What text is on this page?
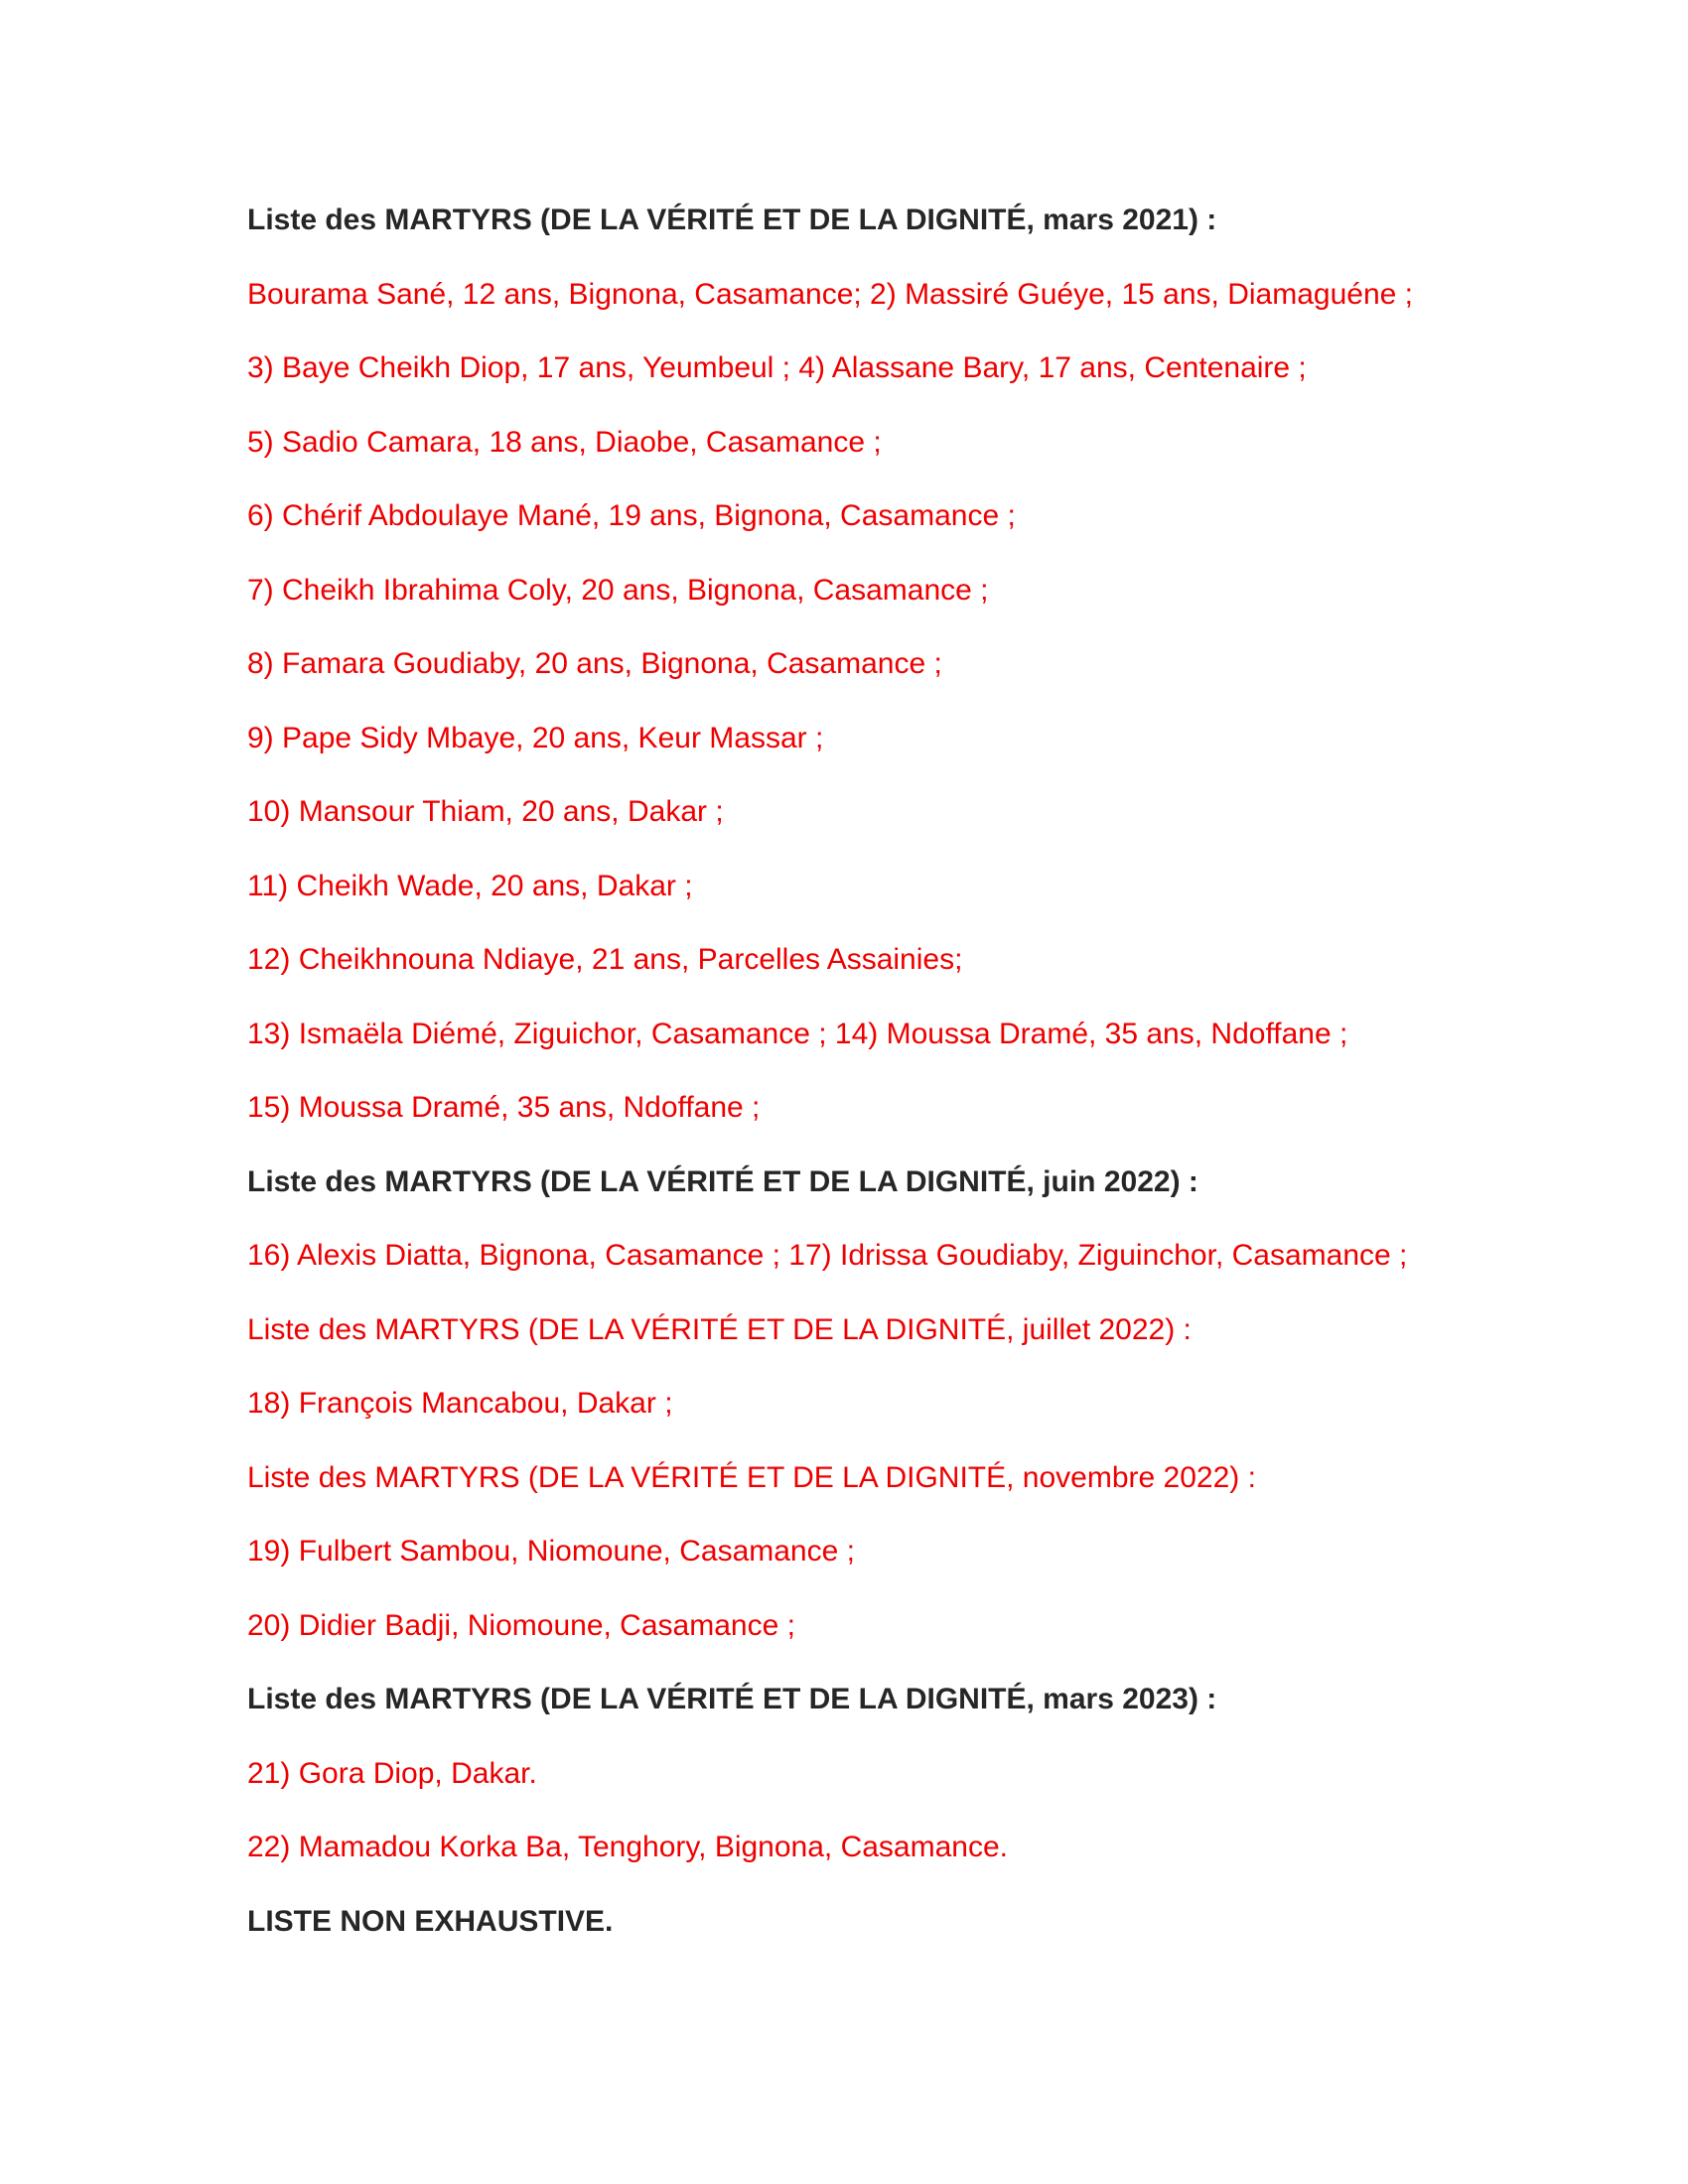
Liste des MARTYRS (DE LA VÉRITÉ ET DE LA DIGNITÉ, mars 2021) :
Bourama Sané, 12 ans, Bignona, Casamance; 2) Massiré Guéye, 15 ans, Diamaguéne ;
3) Baye Cheikh Diop, 17 ans, Yeumbeul ; 4) Alassane Bary, 17 ans, Centenaire ;
5) Sadio Camara, 18 ans, Diaobe, Casamance ;
6) Chérif Abdoulaye Mané, 19 ans, Bignona, Casamance ;
7) Cheikh Ibrahima Coly, 20 ans, Bignona, Casamance ;
8) Famara Goudiaby, 20 ans, Bignona, Casamance ;
9) Pape Sidy Mbaye, 20 ans, Keur Massar ;
10) Mansour Thiam, 20 ans, Dakar ;
11) Cheikh Wade, 20 ans, Dakar ;
12) Cheikhnouna Ndiaye, 21 ans, Parcelles Assainies;
13) Ismaëla Diémé, Ziguichor, Casamance ; 14) Moussa Dramé, 35 ans, Ndoffane ;
15) Moussa Dramé, 35 ans, Ndoffane ;
Liste des MARTYRS (DE LA VÉRITÉ ET DE LA DIGNITÉ, juin 2022) :
16) Alexis Diatta, Bignona, Casamance ; 17) Idrissa Goudiaby, Ziguinchor, Casamance ;
Liste des MARTYRS (DE LA VÉRITÉ ET DE LA DIGNITÉ, juillet 2022) :
18) François Mancabou, Dakar ;
Liste des MARTYRS (DE LA VÉRITÉ ET DE LA DIGNITÉ, novembre 2022) :
19) Fulbert Sambou, Niomoune, Casamance ;
20) Didier Badji, Niomoune, Casamance ;
Liste des MARTYRS (DE LA VÉRITÉ ET DE LA DIGNITÉ, mars 2023) :
21) Gora Diop, Dakar.
22) Mamadou Korka Ba, Tenghory, Bignona, Casamance.
LISTE NON EXHAUSTIVE.
